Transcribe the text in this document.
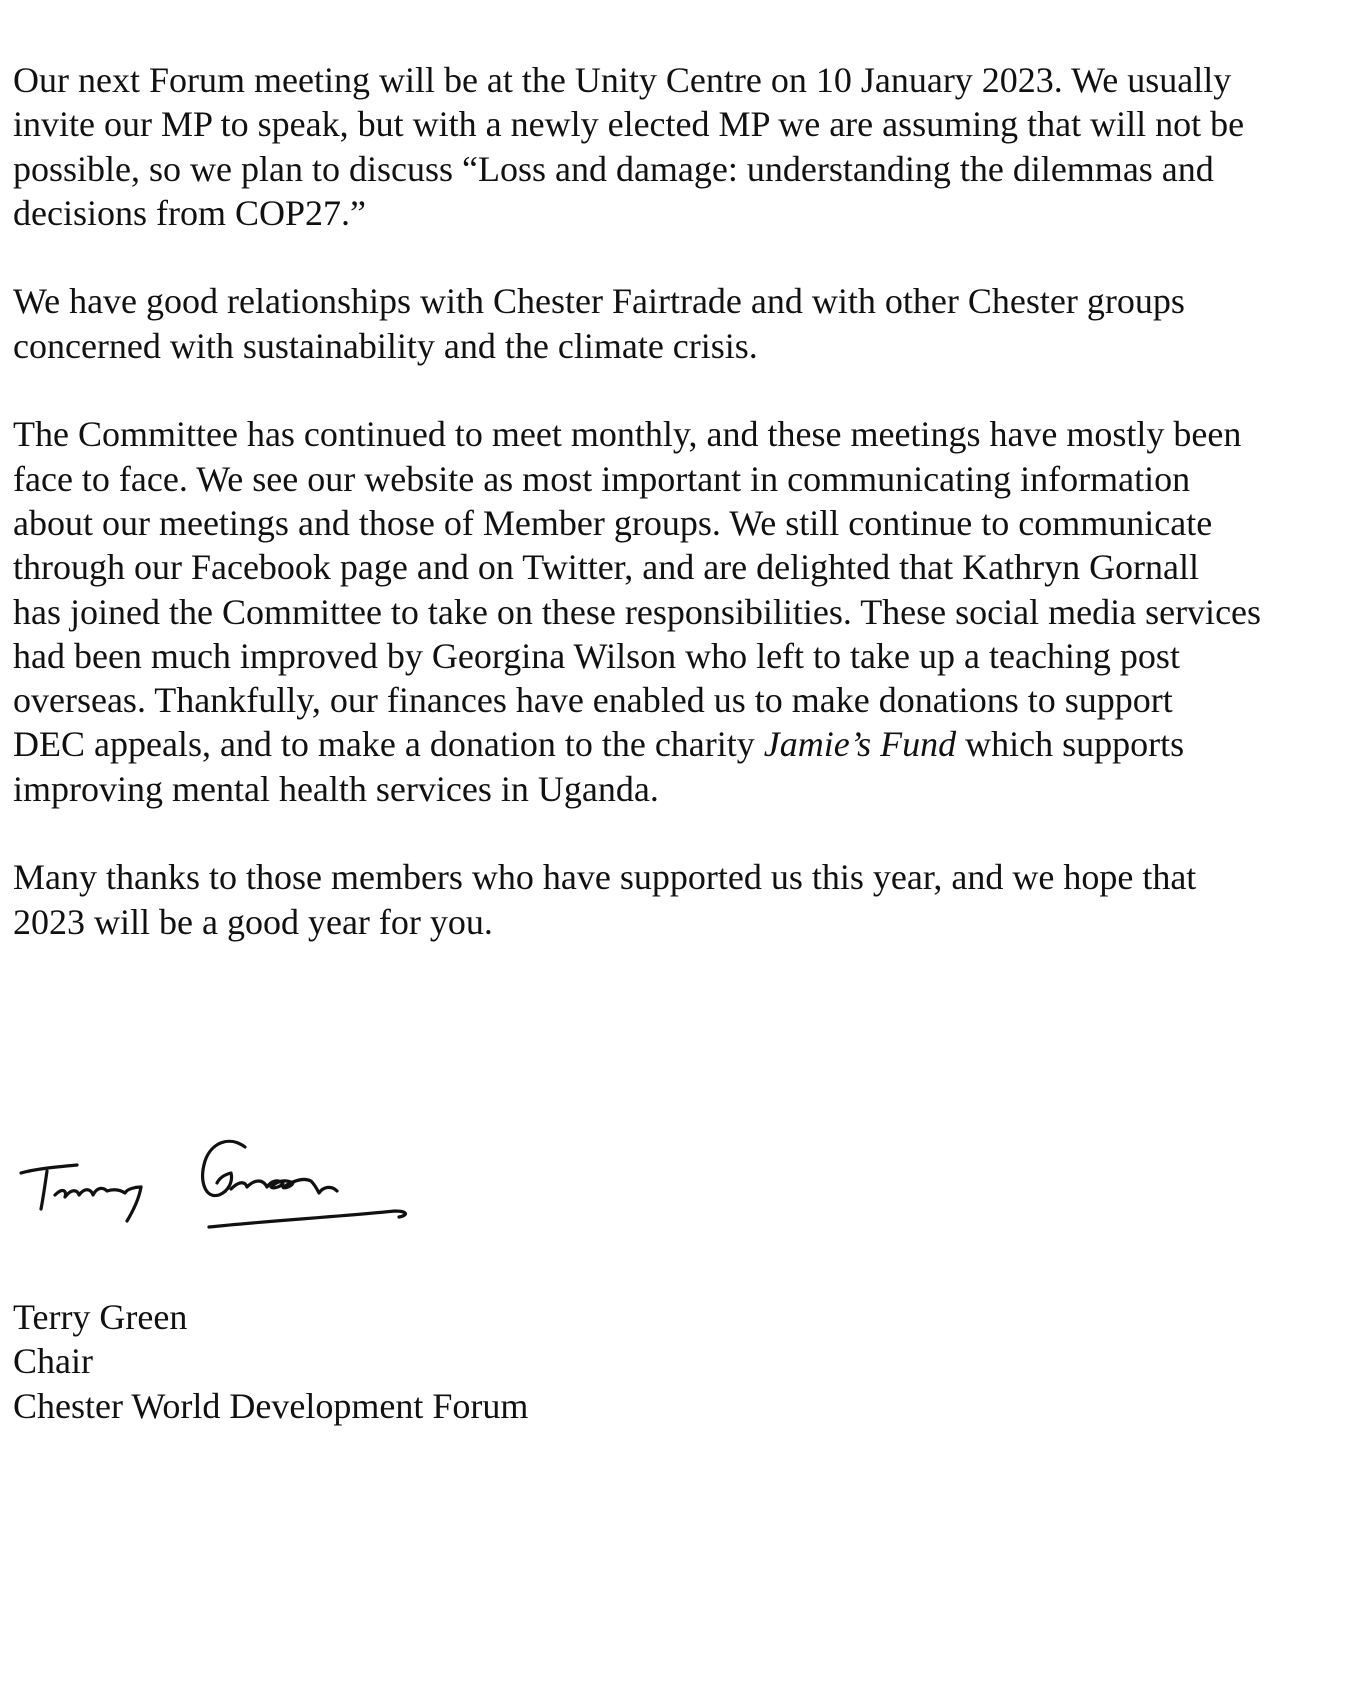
Our next Forum meeting will be at the Unity Centre on 10 January 2023. We usually
invite our MP to speak, but with a newly elected MP we are assuming that will not be
possible, so we plan to discuss “Loss and damage: understanding the dilemmas and
decisions from COP27.”

We have good relationships with Chester Fairtrade and with other Chester groups
concerned with sustainability and the climate crisis.

The Committee has continued to meet monthly, and these meetings have mostly been
face to face. We see our website as most important in communicating information
about our meetings and those of Member groups. We still continue to communicate
through our Facebook page and on Twitter, and are delighted that Kathryn Gornall
has joined the Committee to take on these responsibilities. These social media services
had been much improved by Georgina Wilson who left to take up a teaching post
overseas. Thankfully, our finances have enabled us to make donations to support
DEC appeals, and to make a donation to the charity Jamie’s Fund which supports
improving mental health services in Uganda.

Many thanks to those members who have supported us this year, and we hope that
2023 will be a good year for you.

Terry Green
Chair
Chester World Development Forum
